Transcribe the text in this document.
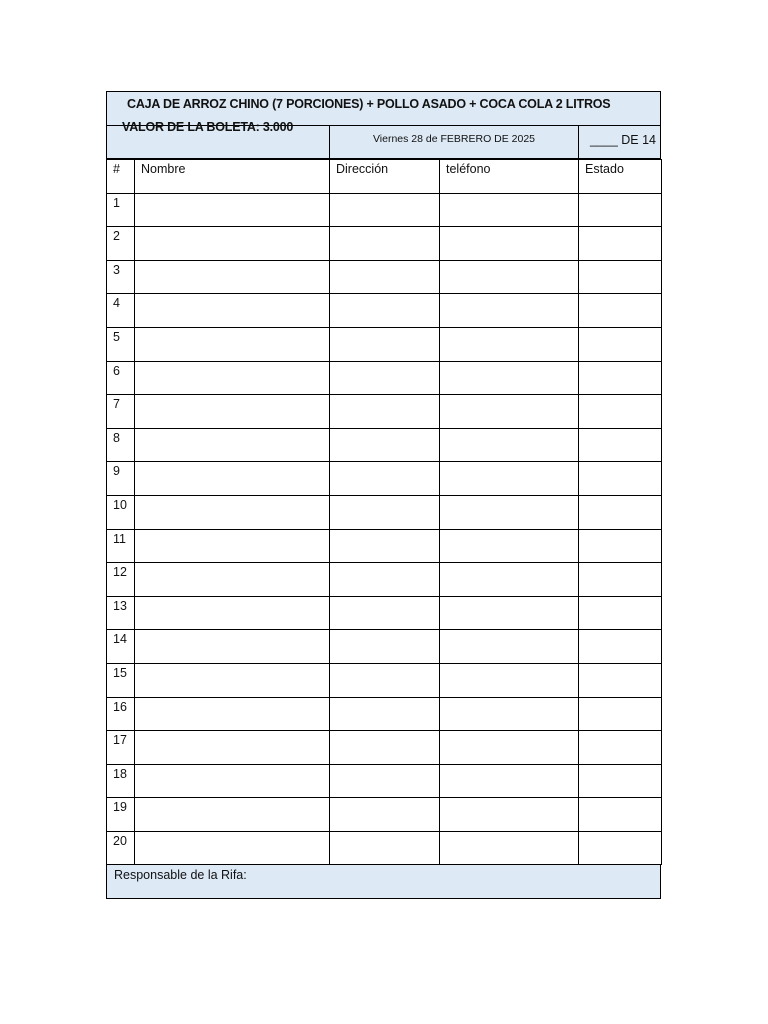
CAJA DE ARROZ CHINO (7 PORCIONES) + POLLO ASADO + COCA COLA 2 LITROS
VALOR DE LA BOLETA: 3.000
Viernes 28 de FEBRERO DE 2025	____ DE 14
#	Nombre	Dirección	teléfono	Estado
1				
2				
3				
4				
5				
6				
7				
8				
9				
10				
11				
12				
13				
14				
15				
16				
17				
18				
19				
20				
Responsable de la Rifa:
